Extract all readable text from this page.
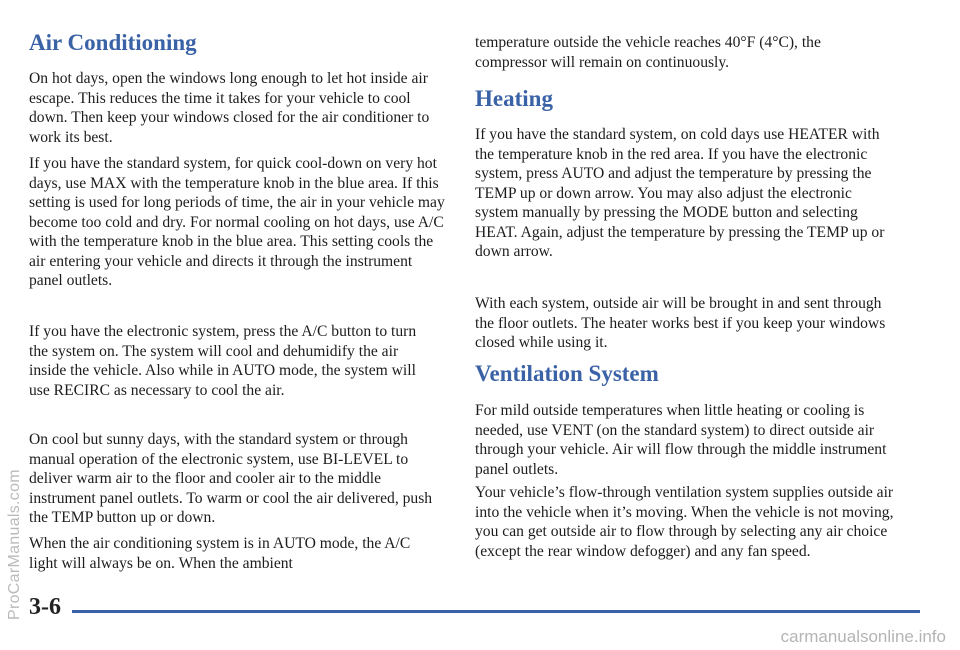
Air Conditioning

On hot days, open the windows long enough to let hot inside air escape. This reduces the time it takes for your vehicle to cool down. Then keep your windows closed for the air conditioner to work its best.

If you have the standard system, for quick cool-down on very hot days, use MAX with the temperature knob in the blue area. If this setting is used for long periods of time, the air in your vehicle may become too cold and dry. For normal cooling on hot days, use A/C with the temperature knob in the blue area. This setting cools the air entering your vehicle and directs it through the instrument panel outlets.

If you have the electronic system, press the A/C button to turn the system on. The system will cool and dehumidify the air inside the vehicle. Also while in AUTO mode, the system will use RECIRC as necessary to cool the air.

On cool but sunny days, with the standard system or through manual operation of the electronic system, use BI-LEVEL to deliver warm air to the floor and cooler air to the middle instrument panel outlets. To warm or cool the air delivered, push the TEMP button up or down.

When the air conditioning system is in AUTO mode, the A/C light will always be on. When the ambient

temperature outside the vehicle reaches 40°F (4°C), the compressor will remain on continuously.

Heating

If you have the standard system, on cold days use HEATER with the temperature knob in the red area. If you have the electronic system, press AUTO and adjust the temperature by pressing the TEMP up or down arrow. You may also adjust the electronic system manually by pressing the MODE button and selecting HEAT. Again, adjust the temperature by pressing the TEMP up or down arrow.

With each system, outside air will be brought in and sent through the floor outlets. The heater works best if you keep your windows closed while using it.

Ventilation System

For mild outside temperatures when little heating or cooling is needed, use VENT (on the standard system) to direct outside air through your vehicle. Air will flow through the middle instrument panel outlets.

Your vehicle’s flow-through ventilation system supplies outside air into the vehicle when it’s moving. When the vehicle is not moving, you can get outside air to flow through by selecting any air choice (except the rear window defogger) and any fan speed.

3-6
ProCarManuals.com
carmanualsonline.info
